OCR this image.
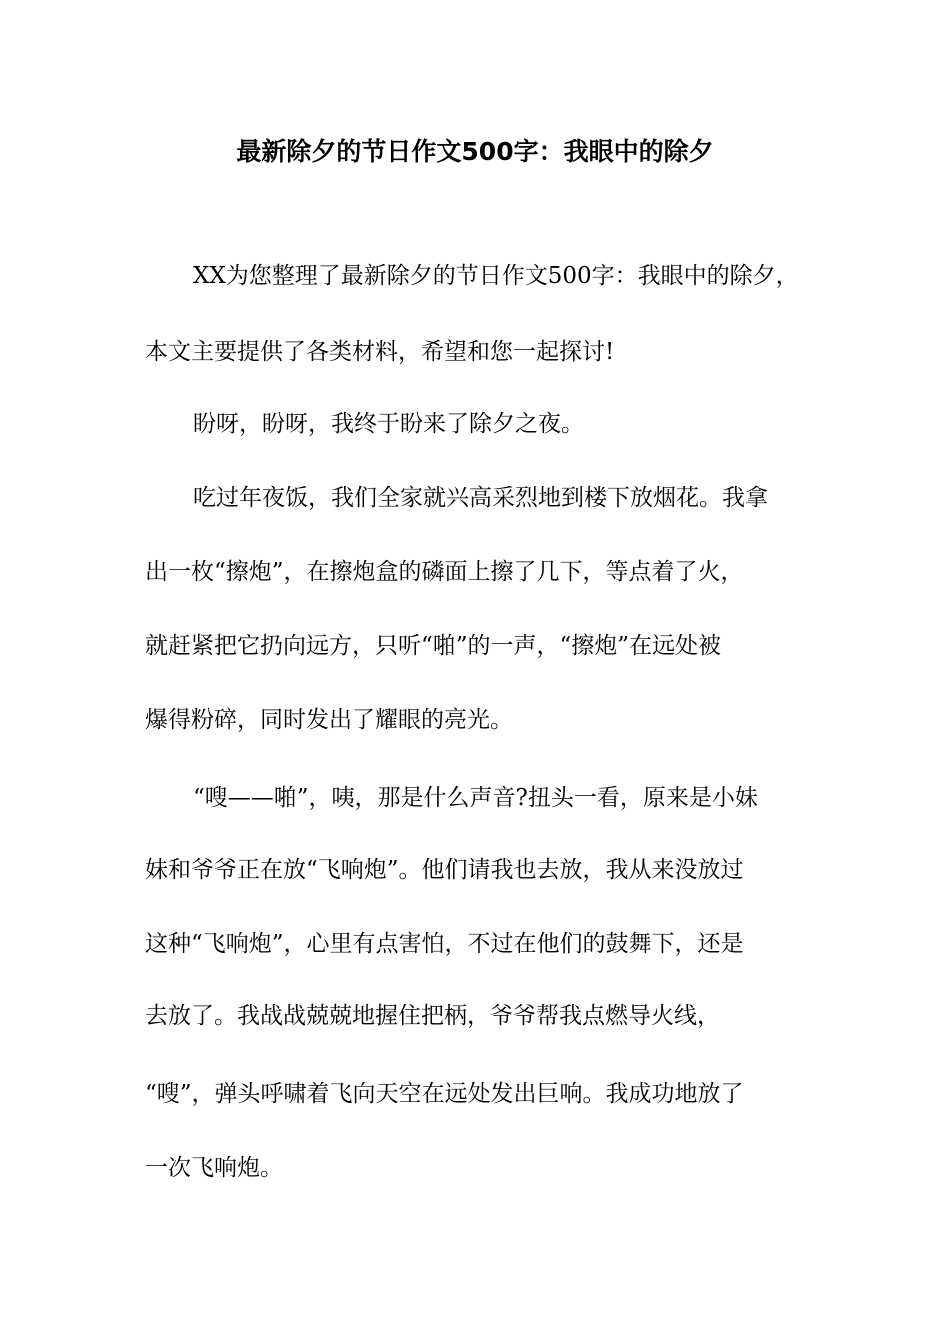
最新除夕的节日作文500字：我眼中的除夕
XX为您整理了最新除夕的节日作文500字：我眼中的除夕，
本文主要提供了各类材料，希望和您一起探讨!
盼呀，盼呀，我终于盼来了除夕之夜。
吃过年夜饭，我们全家就兴高采烈地到楼下放烟花。我拿
出一枚“擦炮”，在擦炮盒的磷面上擦了几下，等点着了火，
就赶紧把它扔向远方，只听“啪”的一声，“擦炮”在远处被
爆得粉碎，同时发出了耀眼的亮光。
“嗖——啪”，咦，那是什么声音?扭头一看，原来是小妹
妹和爷爷正在放“飞响炮”。他们请我也去放，我从来没放过
这种“飞响炮”，心里有点害怕，不过在他们的鼓舞下，还是
去放了。我战战兢兢地握住把柄，爷爷帮我点燃导火线，
“嗖”，弹头呼啸着飞向天空在远处发出巨响。我成功地放了
一次飞响炮。
